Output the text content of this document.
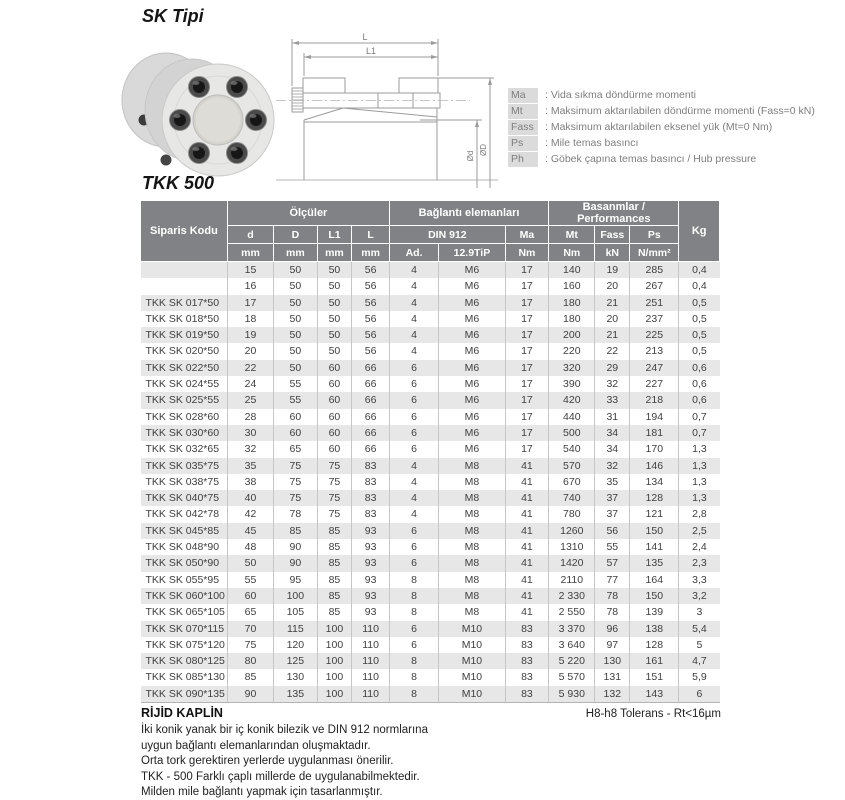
SK Tipi
L
L1
Ød ØD
Ma	: Vida sıkma döndürme momenti
Mt	: Maksimum aktarılabilen döndürme momenti (Fass=0 kN)
Fass	: Maksimum aktarılabilen eksenel yük (Mt=0 Nm)
Ps	: Mile temas basıncı
Ph	: Göbek çapına temas basıncı / Hub pressure
TKK 500
Siparis Kodu	Ölçüler				Bağlantı elemanları			Basanmlar / Performances			Kg
	d	D	L1	L	DIN 912		Ma	Mt	Fass	Ps	
	mm	mm	mm	mm	Ad.	12.9TiP	Nm	Nm	kN	N/mm²	
	15	50	50	56	4	M6	17	140	19	285	0,4
	16	50	50	56	4	M6	17	160	20	267	0,4
TKK SK 017*50	17	50	50	56	4	M6	17	180	21	251	0,5
TKK SK 018*50	18	50	50	56	4	M6	17	180	20	237	0,5
TKK SK 019*50	19	50	50	56	4	M6	17	200	21	225	0,5
TKK SK 020*50	20	50	50	56	4	M6	17	220	22	213	0,5
TKK SK 022*50	22	50	60	66	6	M6	17	320	29	247	0,6
TKK SK 024*55	24	55	60	66	6	M6	17	390	32	227	0,6
TKK SK 025*55	25	55	60	66	6	M6	17	420	33	218	0,6
TKK SK 028*60	28	60	60	66	6	M6	17	440	31	194	0,7
TKK SK 030*60	30	60	60	66	6	M6	17	500	34	181	0,7
TKK SK 032*65	32	65	60	66	6	M6	17	540	34	170	1,3
TKK SK 035*75	35	75	75	83	4	M8	41	570	32	146	1,3
TKK SK 038*75	38	75	75	83	4	M8	41	670	35	134	1,3
TKK SK 040*75	40	75	75	83	4	M8	41	740	37	128	1,3
TKK SK 042*78	42	78	75	83	4	M8	41	780	37	121	2,8
TKK SK 045*85	45	85	85	93	6	M8	41	1260	56	150	2,5
TKK SK 048*90	48	90	85	93	6	M8	41	1310	55	141	2,4
TKK SK 050*90	50	90	85	93	6	M8	41	1420	57	135	2,3
TKK SK 055*95	55	95	85	93	8	M8	41	2110	77	164	3,3
TKK SK 060*100	60	100	85	93	8	M8	41	2 330	78	150	3,2
TKK SK 065*105	65	105	85	93	8	M8	41	2 550	78	139	3
TKK SK 070*115	70	115	100	110	6	M10	83	3 370	96	138	5,4
TKK SK 075*120	75	120	100	110	6	M10	83	3 640	97	128	5
TKK SK 080*125	80	125	100	110	8	M10	83	5 220	130	161	4,7
TKK SK 085*130	85	130	100	110	8	M10	83	5 570	131	151	5,9
TKK SK 090*135	90	135	100	110	8	M10	83	5 930	132	143	6
RİJİD KAPLİN
İki konik yanak bir iç konik bilezik ve DIN 912 normlarına
uygun bağlantı elemanlarından oluşmaktadır.
Orta tork gerektiren yerlerde uygulanması önerilir.
TKK - 500 Farklı çaplı millerde de uygulanabilmektedir.
Milden mile bağlantı yapmak için tasarlanmıştır.
H8-h8 Tolerans - Rt<16µm
